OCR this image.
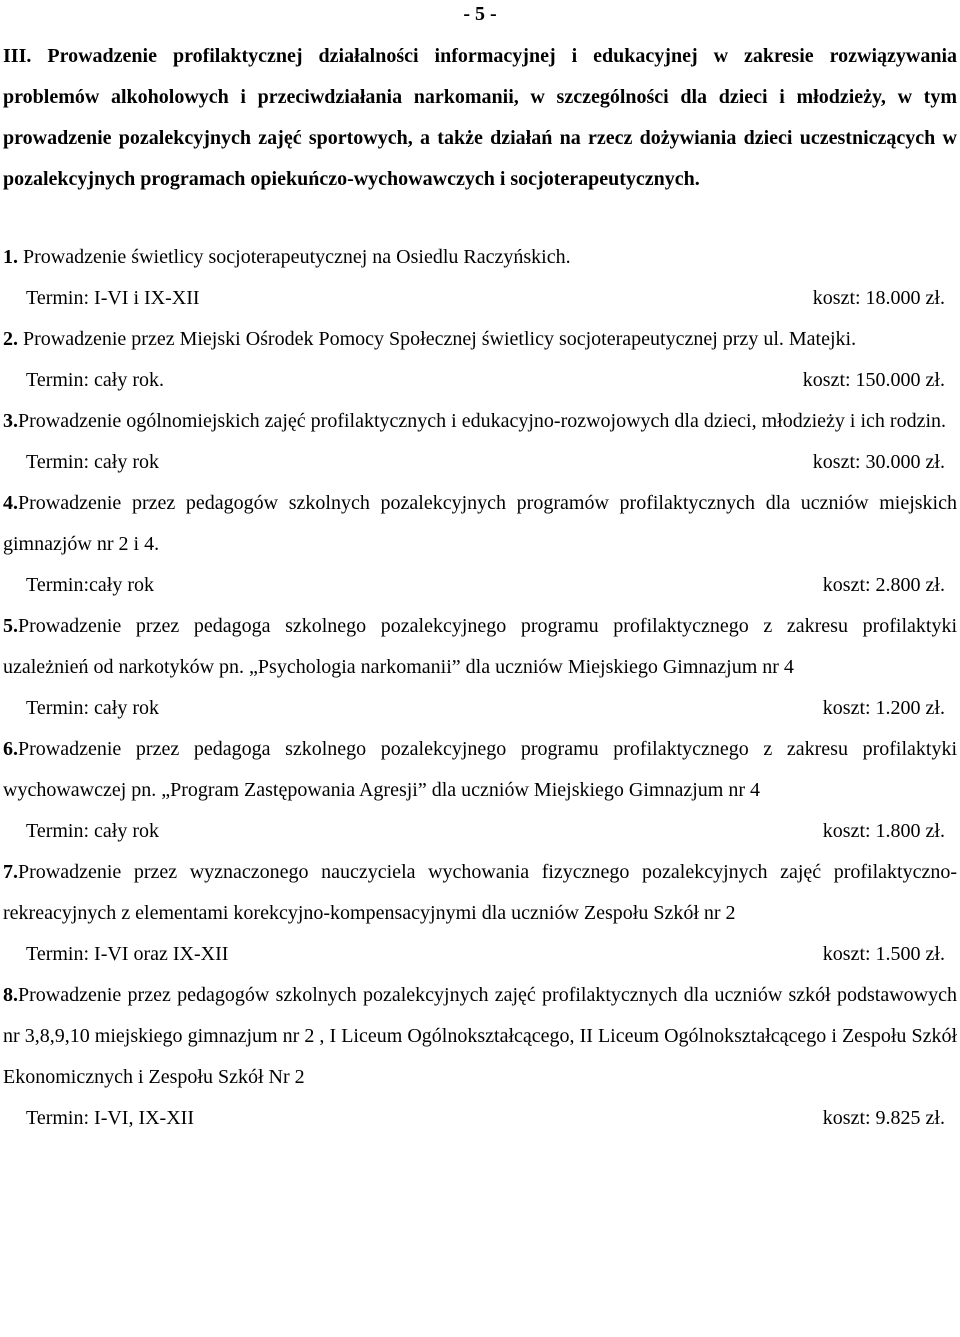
- 5 -
III. Prowadzenie profilaktycznej działalności informacyjnej i edukacyjnej w zakresie rozwiązywania problemów alkoholowych i przeciwdziałania narkomanii, w szczególności dla dzieci i młodzieży, w tym prowadzenie pozalekcyjnych zajęć sportowych, a także działań na rzecz dożywiania dzieci uczestniczących w pozalekcyjnych programach opiekuńczo-wychowawczych i socjoterapeutycznych.
1. Prowadzenie świetlicy socjoterapeutycznej na Osiedlu Raczyńskich.
Termin: I-VI i IX-XII	koszt: 18.000 zł.
2. Prowadzenie przez Miejski Ośrodek Pomocy Społecznej świetlicy socjoterapeutycznej przy ul. Matejki.
Termin: cały rok.	koszt: 150.000 zł.
3.Prowadzenie ogólnomiejskich zajęć profilaktycznych i edukacyjno-rozwojowych dla dzieci, młodzieży i ich rodzin.
Termin: cały rok	koszt: 30.000 zł.
4.Prowadzenie przez pedagogów szkolnych pozalekcyjnych programów profilaktycznych dla uczniów miejskich gimnazjów nr 2 i 4.
Termin:cały rok	koszt: 2.800 zł.
5.Prowadzenie przez pedagoga szkolnego pozalekcyjnego programu profilaktycznego z zakresu profilaktyki uzależnień od narkotyków pn. „Psychologia narkomanii” dla uczniów Miejskiego Gimnazjum nr 4
Termin: cały rok	koszt: 1.200 zł.
6.Prowadzenie przez pedagoga szkolnego pozalekcyjnego programu profilaktycznego z zakresu profilaktyki wychowawczej pn. „Program Zastępowania Agresji” dla uczniów Miejskiego Gimnazjum nr 4
Termin: cały rok	koszt: 1.800 zł.
7.Prowadzenie przez wyznaczonego nauczyciela wychowania fizycznego pozalekcyjnych zajęć profilaktyczno-rekreacyjnych z elementami korekcyjno-kompensacyjnymi dla uczniów Zespołu Szkół nr 2
Termin: I-VI oraz IX-XII	koszt: 1.500 zł.
8.Prowadzenie przez pedagogów szkolnych pozalekcyjnych zajęć profilaktycznych dla uczniów szkół podstawowych nr 3,8,9,10 miejskiego gimnazjum nr 2 , I Liceum Ogólnokształcącego, II Liceum Ogólnokształcącego i Zespołu Szkół Ekonomicznych i Zespołu Szkół Nr 2
Termin: I-VI, IX-XII	koszt: 9.825 zł.
